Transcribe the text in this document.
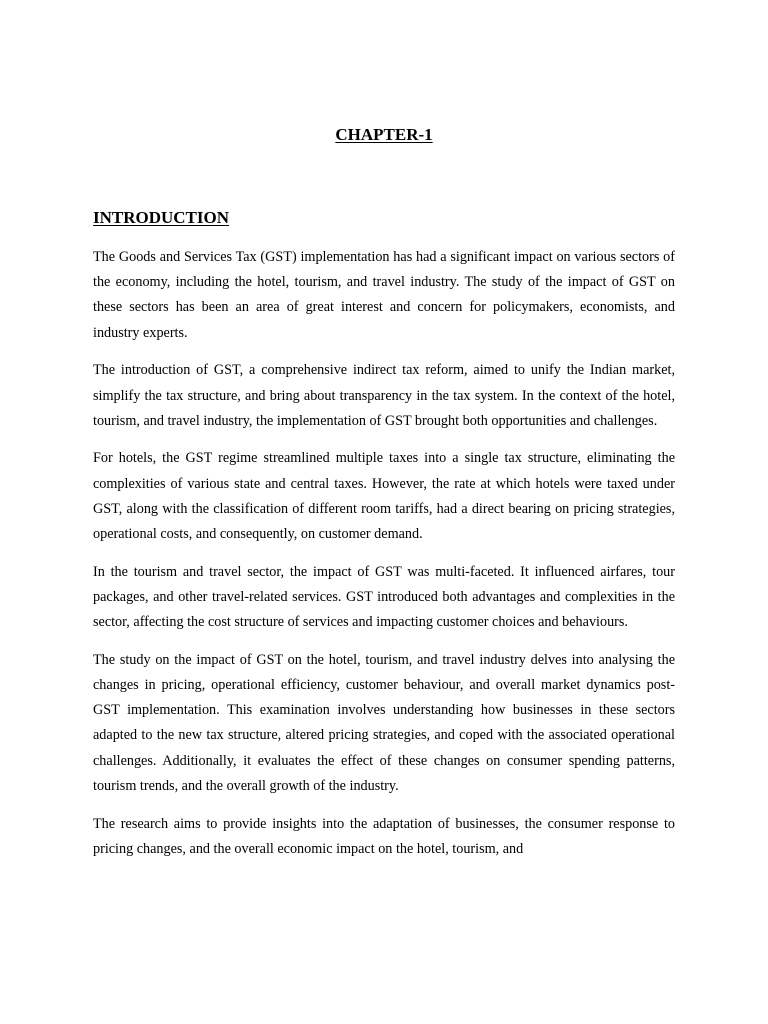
CHAPTER-1
INTRODUCTION

The Goods and Services Tax (GST) implementation has had a significant impact on various sectors of the economy, including the hotel, tourism, and travel industry. The study of the impact of GST on these sectors has been an area of great interest and concern for policymakers, economists, and industry experts.

The introduction of GST, a comprehensive indirect tax reform, aimed to unify the Indian market, simplify the tax structure, and bring about transparency in the tax system. In the context of the hotel, tourism, and travel industry, the implementation of GST brought both opportunities and challenges.

For hotels, the GST regime streamlined multiple taxes into a single tax structure, eliminating the complexities of various state and central taxes. However, the rate at which hotels were taxed under GST, along with the classification of different room tariffs, had a direct bearing on pricing strategies, operational costs, and consequently, on customer demand.

In the tourism and travel sector, the impact of GST was multi-faceted. It influenced airfares, tour packages, and other travel-related services. GST introduced both advantages and complexities in the sector, affecting the cost structure of services and impacting customer choices and behaviours.

The study on the impact of GST on the hotel, tourism, and travel industry delves into analysing the changes in pricing, operational efficiency, customer behaviour, and overall market dynamics post-GST implementation. This examination involves understanding how businesses in these sectors adapted to the new tax structure, altered pricing strategies, and coped with the associated operational challenges. Additionally, it evaluates the effect of these changes on consumer spending patterns, tourism trends, and the overall growth of the industry.

The research aims to provide insights into the adaptation of businesses, the consumer response to pricing changes, and the overall economic impact on the hotel, tourism, and
